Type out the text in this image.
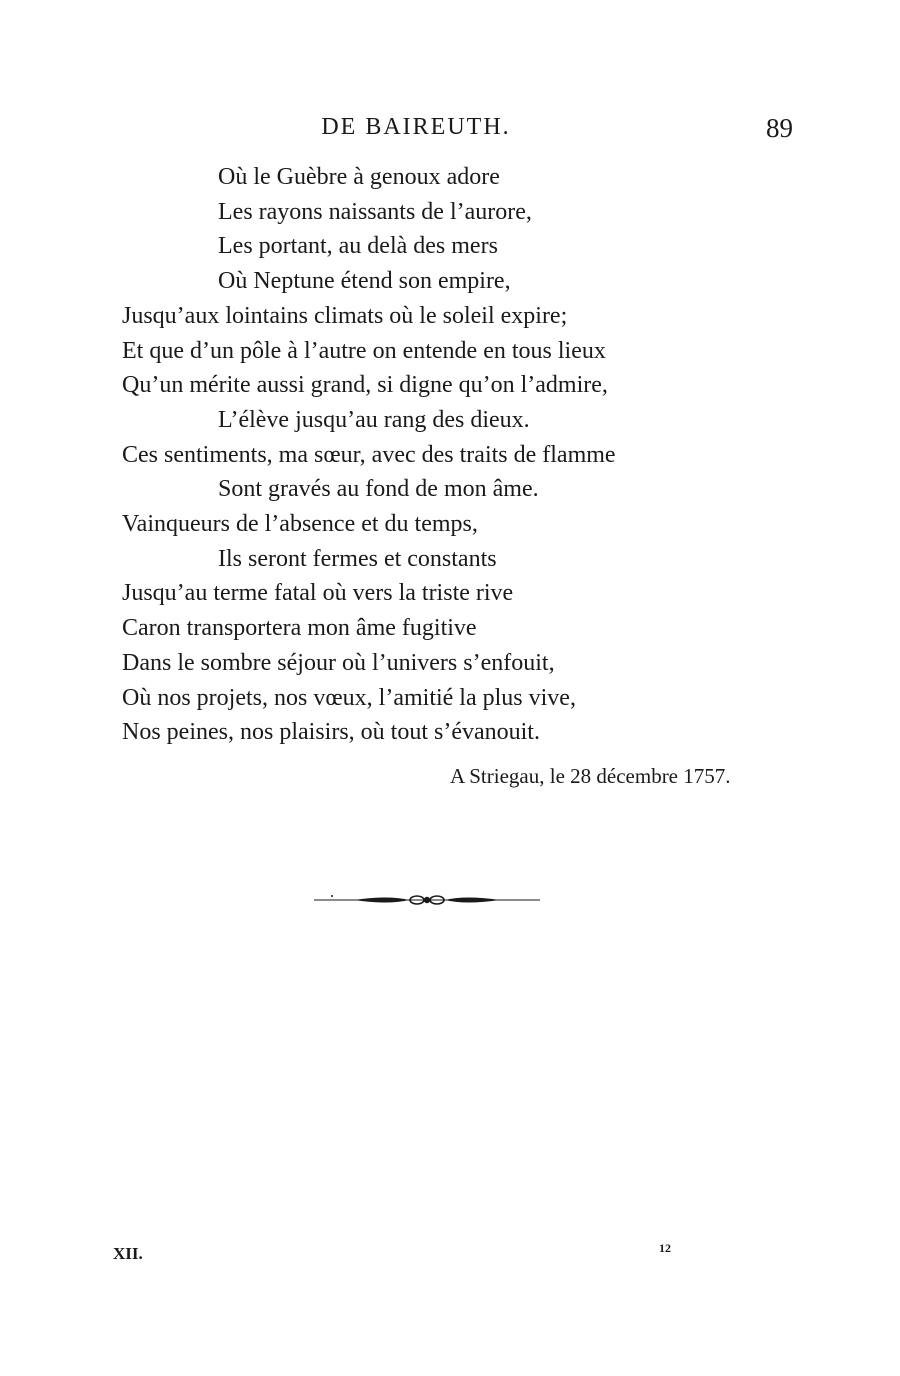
DE BAIREUTH.	89
Où le Guèbre à genoux adore
Les rayons naissants de l’aurore,
Les portant, au delà des mers
Où Neptune étend son empire,
Jusqu’aux lointains climats où le soleil expire;
Et que d’un pôle à l’autre on entende en tous lieux
Qu’un mérite aussi grand, si digne qu’on l’admire,
L’élève jusqu’au rang des dieux.
Ces sentiments, ma sœur, avec des traits de flamme
Sont gravés au fond de mon âme.
Vainqueurs de l’absence et du temps,
Ils seront fermes et constants
Jusqu’au terme fatal où vers la triste rive
Caron transportera mon âme fugitive
Dans le sombre séjour où l’univers s’enfouit,
Où nos projets, nos vœux, l’amitié la plus vive,
Nos peines, nos plaisirs, où tout s’évanouit.
A Striegau, le 28 décembre 1757.
XII.	12
